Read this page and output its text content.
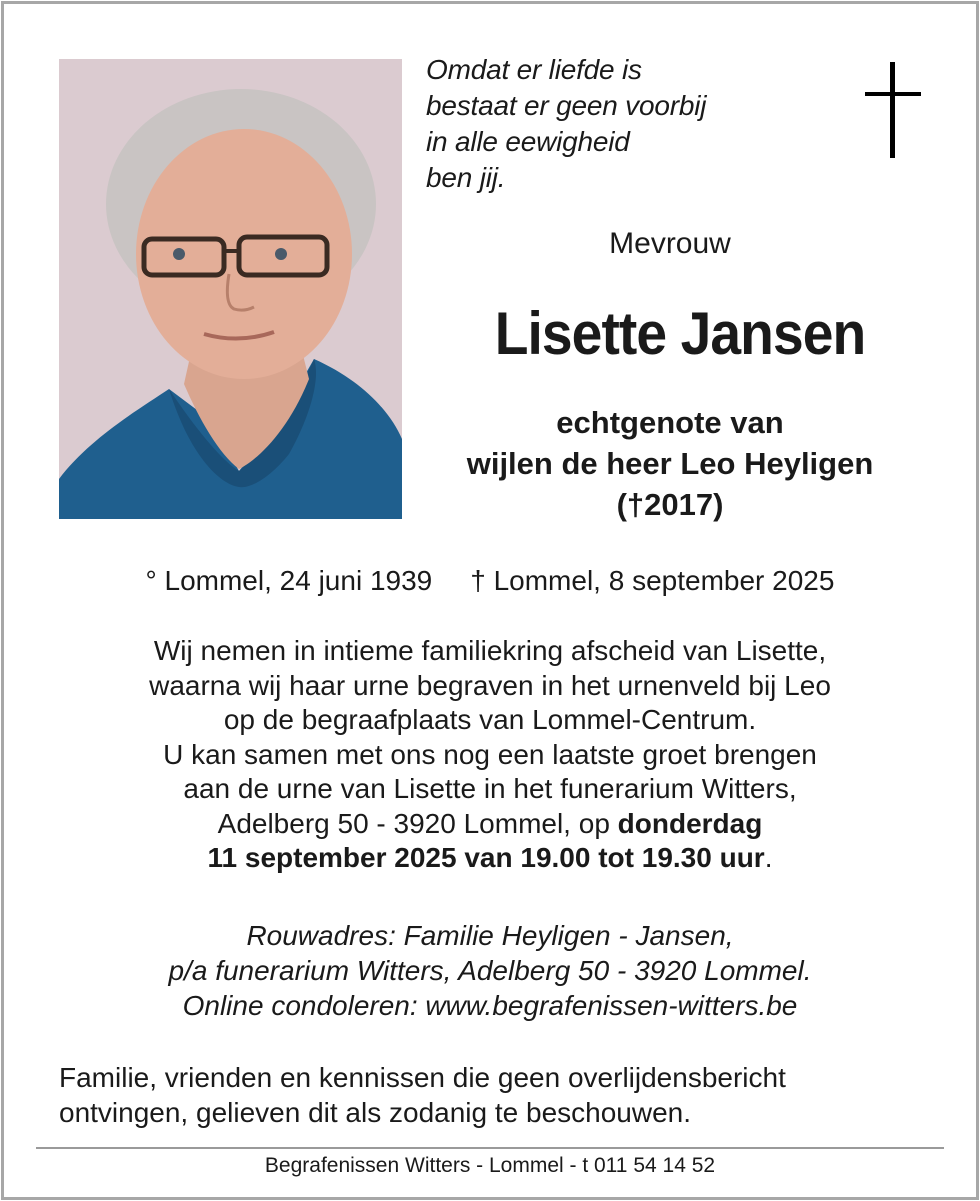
Omdat er liefde is
bestaat er geen voorbij
in alle eewigheid
ben jij.
Mevrouw
Lisette Jansen
echtgenote van
wijlen de heer Leo Heyligen
(†2017)
° Lommel, 24 juni 1939 † Lommel, 8 september 2025
Wij nemen in intieme familiekring afscheid van Lisette,
waarna wij haar urne begraven in het urnenveld bij Leo
op de begraafplaats van Lommel-Centrum.
U kan samen met ons nog een laatste groet brengen
aan de urne van Lisette in het funerarium Witters,
Adelberg 50 - 3920 Lommel, op donderdag
11 september 2025 van 19.00 tot 19.30 uur.
Rouwadres: Familie Heyligen - Jansen,
p/a funerarium Witters, Adelberg 50 - 3920 Lommel.
Online condoleren: www.begrafenissen-witters.be
Familie, vrienden en kennissen die geen overlijdensbericht
ontvingen, gelieven dit als zodanig te beschouwen.
Begrafenissen Witters - Lommel - t 011 54 14 52
